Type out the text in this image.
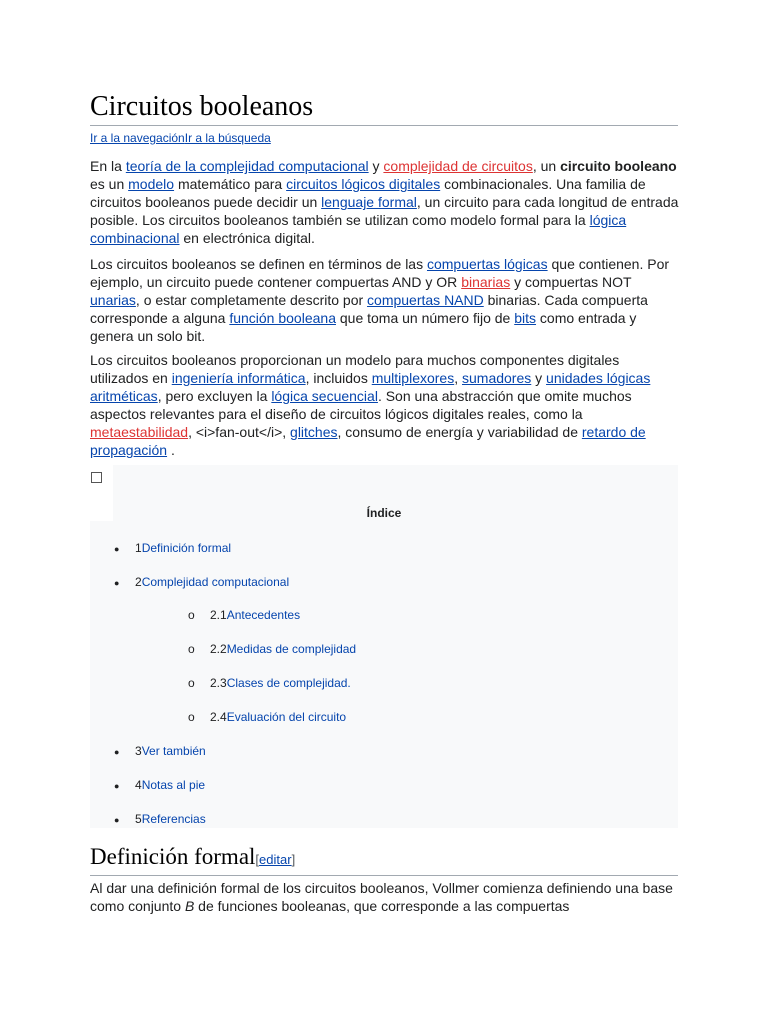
Circuitos booleanos
Ir a la navegaciónIr a la búsqueda
En la teoría de la complejidad computacional y complejidad de circuitos, un circuito booleano es un modelo matemático para circuitos lógicos digitales combinacionales. Una familia de circuitos booleanos puede decidir un lenguaje formal, un circuito para cada longitud de entrada posible. Los circuitos booleanos también se utilizan como modelo formal para la lógica combinacional en electrónica digital.
Los circuitos booleanos se definen en términos de las compuertas lógicas que contienen. Por ejemplo, un circuito puede contener compuertas AND y OR binarias y compuertas NOT unarias, o estar completamente descrito por compuertas NAND binarias. Cada compuerta corresponde a alguna función booleana que toma un número fijo de bits como entrada y genera un solo bit.
Los circuitos booleanos proporcionan un modelo para muchos componentes digitales utilizados en ingeniería informática, incluidos multiplexores, sumadores y unidades lógicas aritméticas, pero excluyen la lógica secuencial. Son una abstracción que omite muchos aspectos relevantes para el diseño de circuitos lógicos digitales reales, como la metaestabilidad, <i>fan-out</i>, glitches, consumo de energía y variabilidad de retardo de propagación .
Índice
● 1Definición formal
● 2Complejidad computacional
o 2.1Antecedentes
o 2.2Medidas de complejidad
o 2.3Clases de complejidad.
o 2.4Evaluación del circuito
● 3Ver también
● 4Notas al pie
● 5Referencias
Definición formal[editar]
Al dar una definición formal de los circuitos booleanos, Vollmer comienza definiendo una base como conjunto B de funciones booleanas, que corresponde a las compuertas
